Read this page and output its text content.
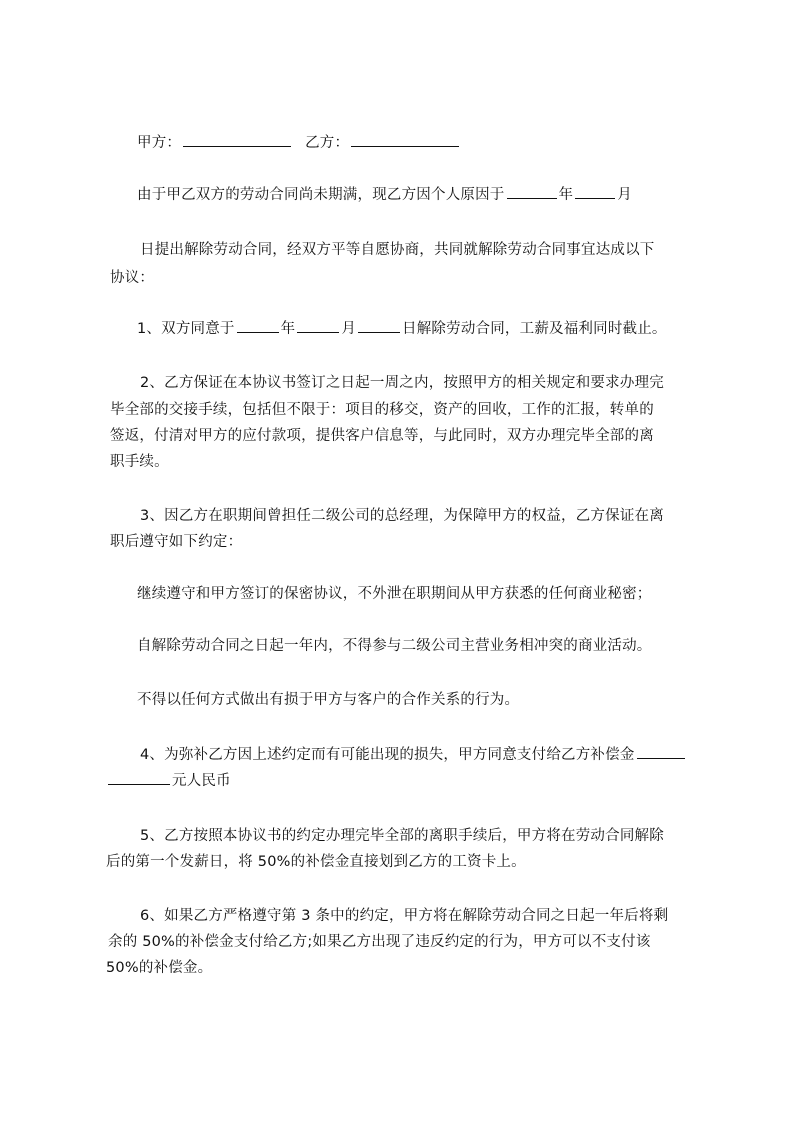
甲方：	乙方：
由于甲乙双方的劳动合同尚未期满，现乙方因个人原因于	年	月
日提出解除劳动合同，经双方平等自愿协商，共同就解除劳动合同事宜达成以下
协议：
1、双方同意于	年	月	日解除劳动合同，工薪及福利同时截止。
2、乙方保证在本协议书签订之日起一周之内，按照甲方的相关规定和要求办理完
毕全部的交接手续，包括但不限于：项目的移交，资产的回收，工作的汇报，转单的
签返，付清对甲方的应付款项，提供客户信息等，与此同时，双方办理完毕全部的离
职手续。
3、因乙方在职期间曾担任二级公司的总经理，为保障甲方的权益，乙方保证在离
职后遵守如下约定：
继续遵守和甲方签订的保密协议，不外泄在职期间从甲方获悉的任何商业秘密；
自解除劳动合同之日起一年内，不得参与二级公司主营业务相冲突的商业活动。
不得以任何方式做出有损于甲方与客户的合作关系的行为。
4、为弥补乙方因上述约定而有可能出现的损失，甲方同意支付给乙方补偿金
元人民币
5、乙方按照本协议书的约定办理完毕全部的离职手续后，甲方将在劳动合同解除
后的第一个发薪日，将 50%的补偿金直接划到乙方的工资卡上。
6、如果乙方严格遵守第 3 条中的约定，甲方将在解除劳动合同之日起一年后将剩
余的 50%的补偿金支付给乙方;如果乙方出现了违反约定的行为，甲方可以不支付该
50%的补偿金。
